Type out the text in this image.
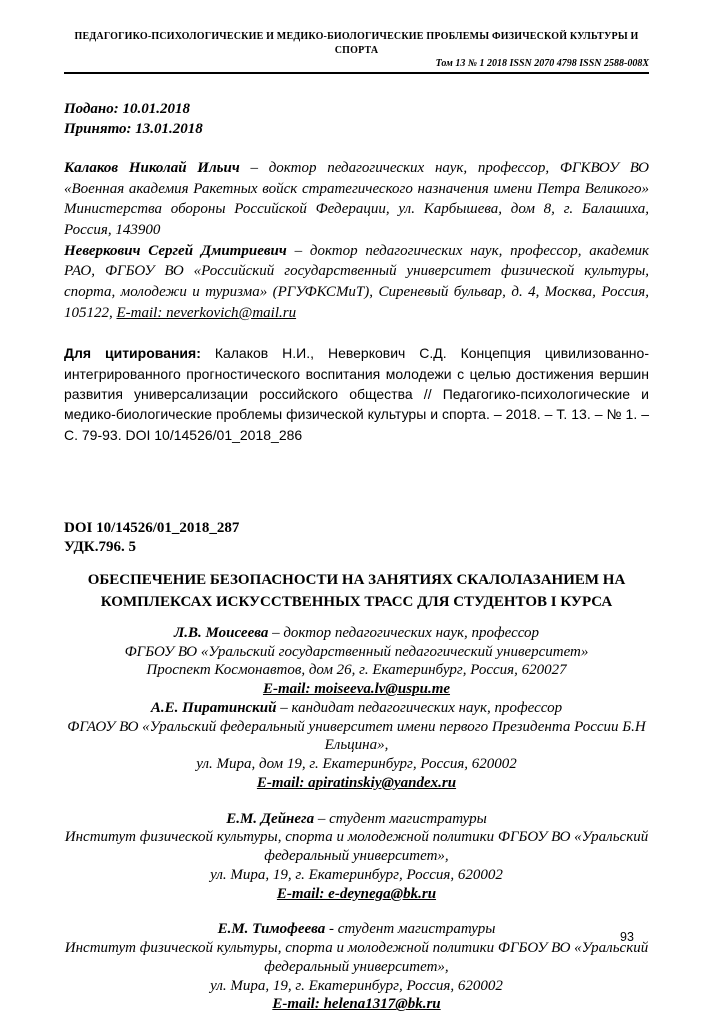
ПЕДАГОГИКО-ПСИХОЛОГИЧЕСКИЕ И МЕДИКО-БИОЛОГИЧЕСКИЕ ПРОБЛЕМЫ ФИЗИЧЕСКОЙ КУЛЬТУРЫ И СПОРТА
Том 13 № 1 2018 ISSN 2070 4798 ISSN 2588-008X
Подано: 10.01.2018
Принято: 13.01.2018

Калаков Николай Ильич – доктор педагогических наук, профессор, ФГКВОУ ВО «Военная академия Ракетных войск стратегического назначения имени Петра Великого» Министерства обороны Российской Федерации, ул. Карбышева, дом 8, г. Балашиха, Россия, 143900

Неверкович Сергей Дмитриевич – доктор педагогических наук, профессор, академик РАО, ФГБОУ ВО «Российский государственный университет физической культуры, спорта, молодежи и туризма» (РГУФКСМиТ), Сиреневый бульвар, д. 4, Москва, Россия, 105122, E-mail: neverkovich@mail.ru

Для цитирования: Калаков Н.И., Неверкович С.Д. Концепция цивилизованно-интегрированного прогностического воспитания молодежи с целью достижения вершин развития универсализации российского общества // Педагогико-психологические и медико-биологические проблемы физической культуры и спорта. – 2018. – Т. 13. – № 1. – С. 79-93. DOI 10/14526/01_2018_286
DOI 10/14526/01_2018_287
УДК.796. 5
ОБЕСПЕЧЕНИЕ БЕЗОПАСНОСТИ НА ЗАНЯТИЯХ СКАЛОЛАЗАНИЕМ НА КОМПЛЕКСАХ ИСКУССТВЕННЫХ ТРАСС ДЛЯ СТУДЕНТОВ I КУРСА
Л.В. Моисеева – доктор педагогических наук, профессор
ФГБОУ ВО «Уральский государственный педагогический университет»
Проспект Космонавтов, дом 26, г. Екатеринбург, Россия, 620027
E-mail: moiseeva.lv@uspu.me
А.Е. Пиратинский – кандидат педагогических наук, профессор
ФГАОУ ВО «Уральский федеральный университет имени первого Президента России Б.Н Ельцина»,
ул. Мира, дом 19, г. Екатеринбург, Россия, 620002
E-mail: apiratinskiy@yandex.ru
Е.М. Дейнега – студент магистратуры
Институт физической культуры, спорта и молодежной политики ФГБОУ ВО «Уральский федеральный университет»,
ул. Мира, 19, г. Екатеринбург, Россия, 620002
E-mail: e-deynega@bk.ru
Е.М. Тимофеева - студент магистратуры
Институт физической культуры, спорта и молодежной политики ФГБОУ ВО «Уральский федеральный университет»,
ул. Мира, 19, г. Екатеринбург, Россия, 620002
E-mail: helena1317@bk.ru
93
